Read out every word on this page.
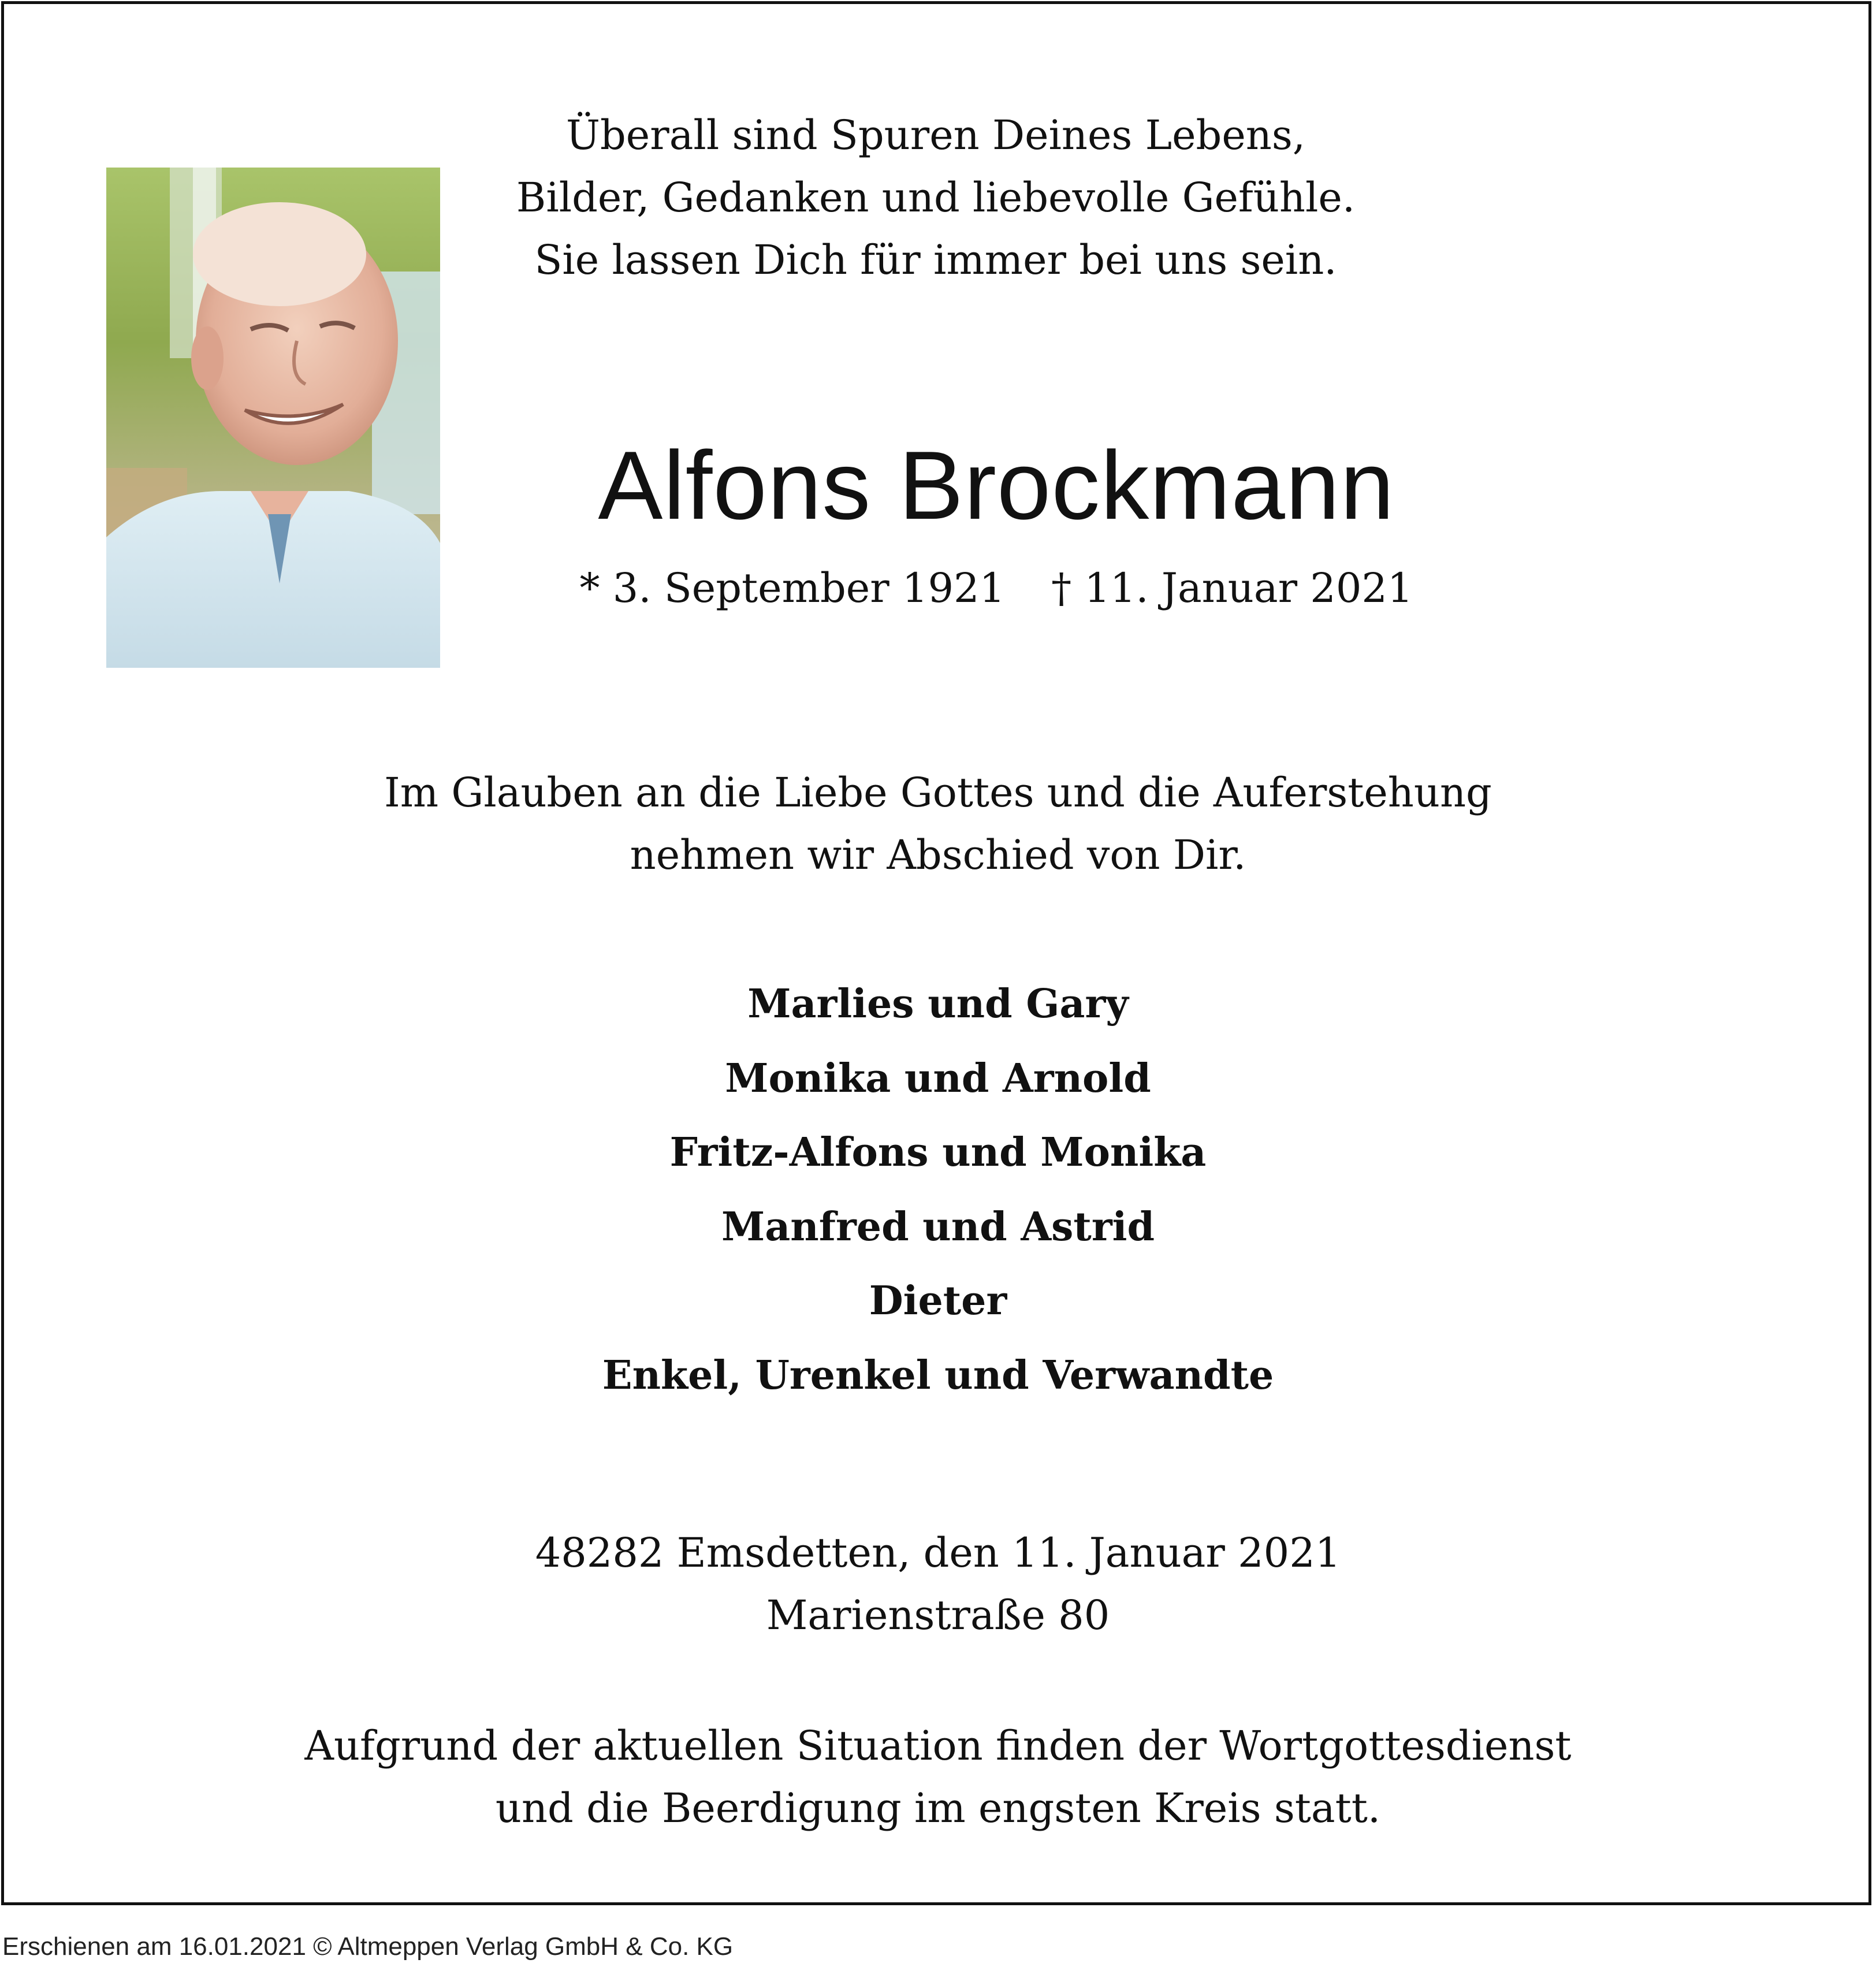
Überall sind Spuren Deines Lebens,
Bilder, Gedanken und liebevolle Gefühle.
Sie lassen Dich für immer bei uns sein.
Alfons Brockmann
* 3. September 1921 † 11. Januar 2021
Im Glauben an die Liebe Gottes und die Auferstehung
nehmen wir Abschied von Dir.
Marlies und Gary
Monika und Arnold
Fritz-Alfons und Monika
Manfred und Astrid
Dieter
Enkel, Urenkel und Verwandte
48282 Emsdetten, den 11. Januar 2021
Marienstraße 80
Aufgrund der aktuellen Situation finden der Wortgottesdienst
und die Beerdigung im engsten Kreis statt.
Erschienen am 16.01.2021 © Altmeppen Verlag GmbH & Co. KG
